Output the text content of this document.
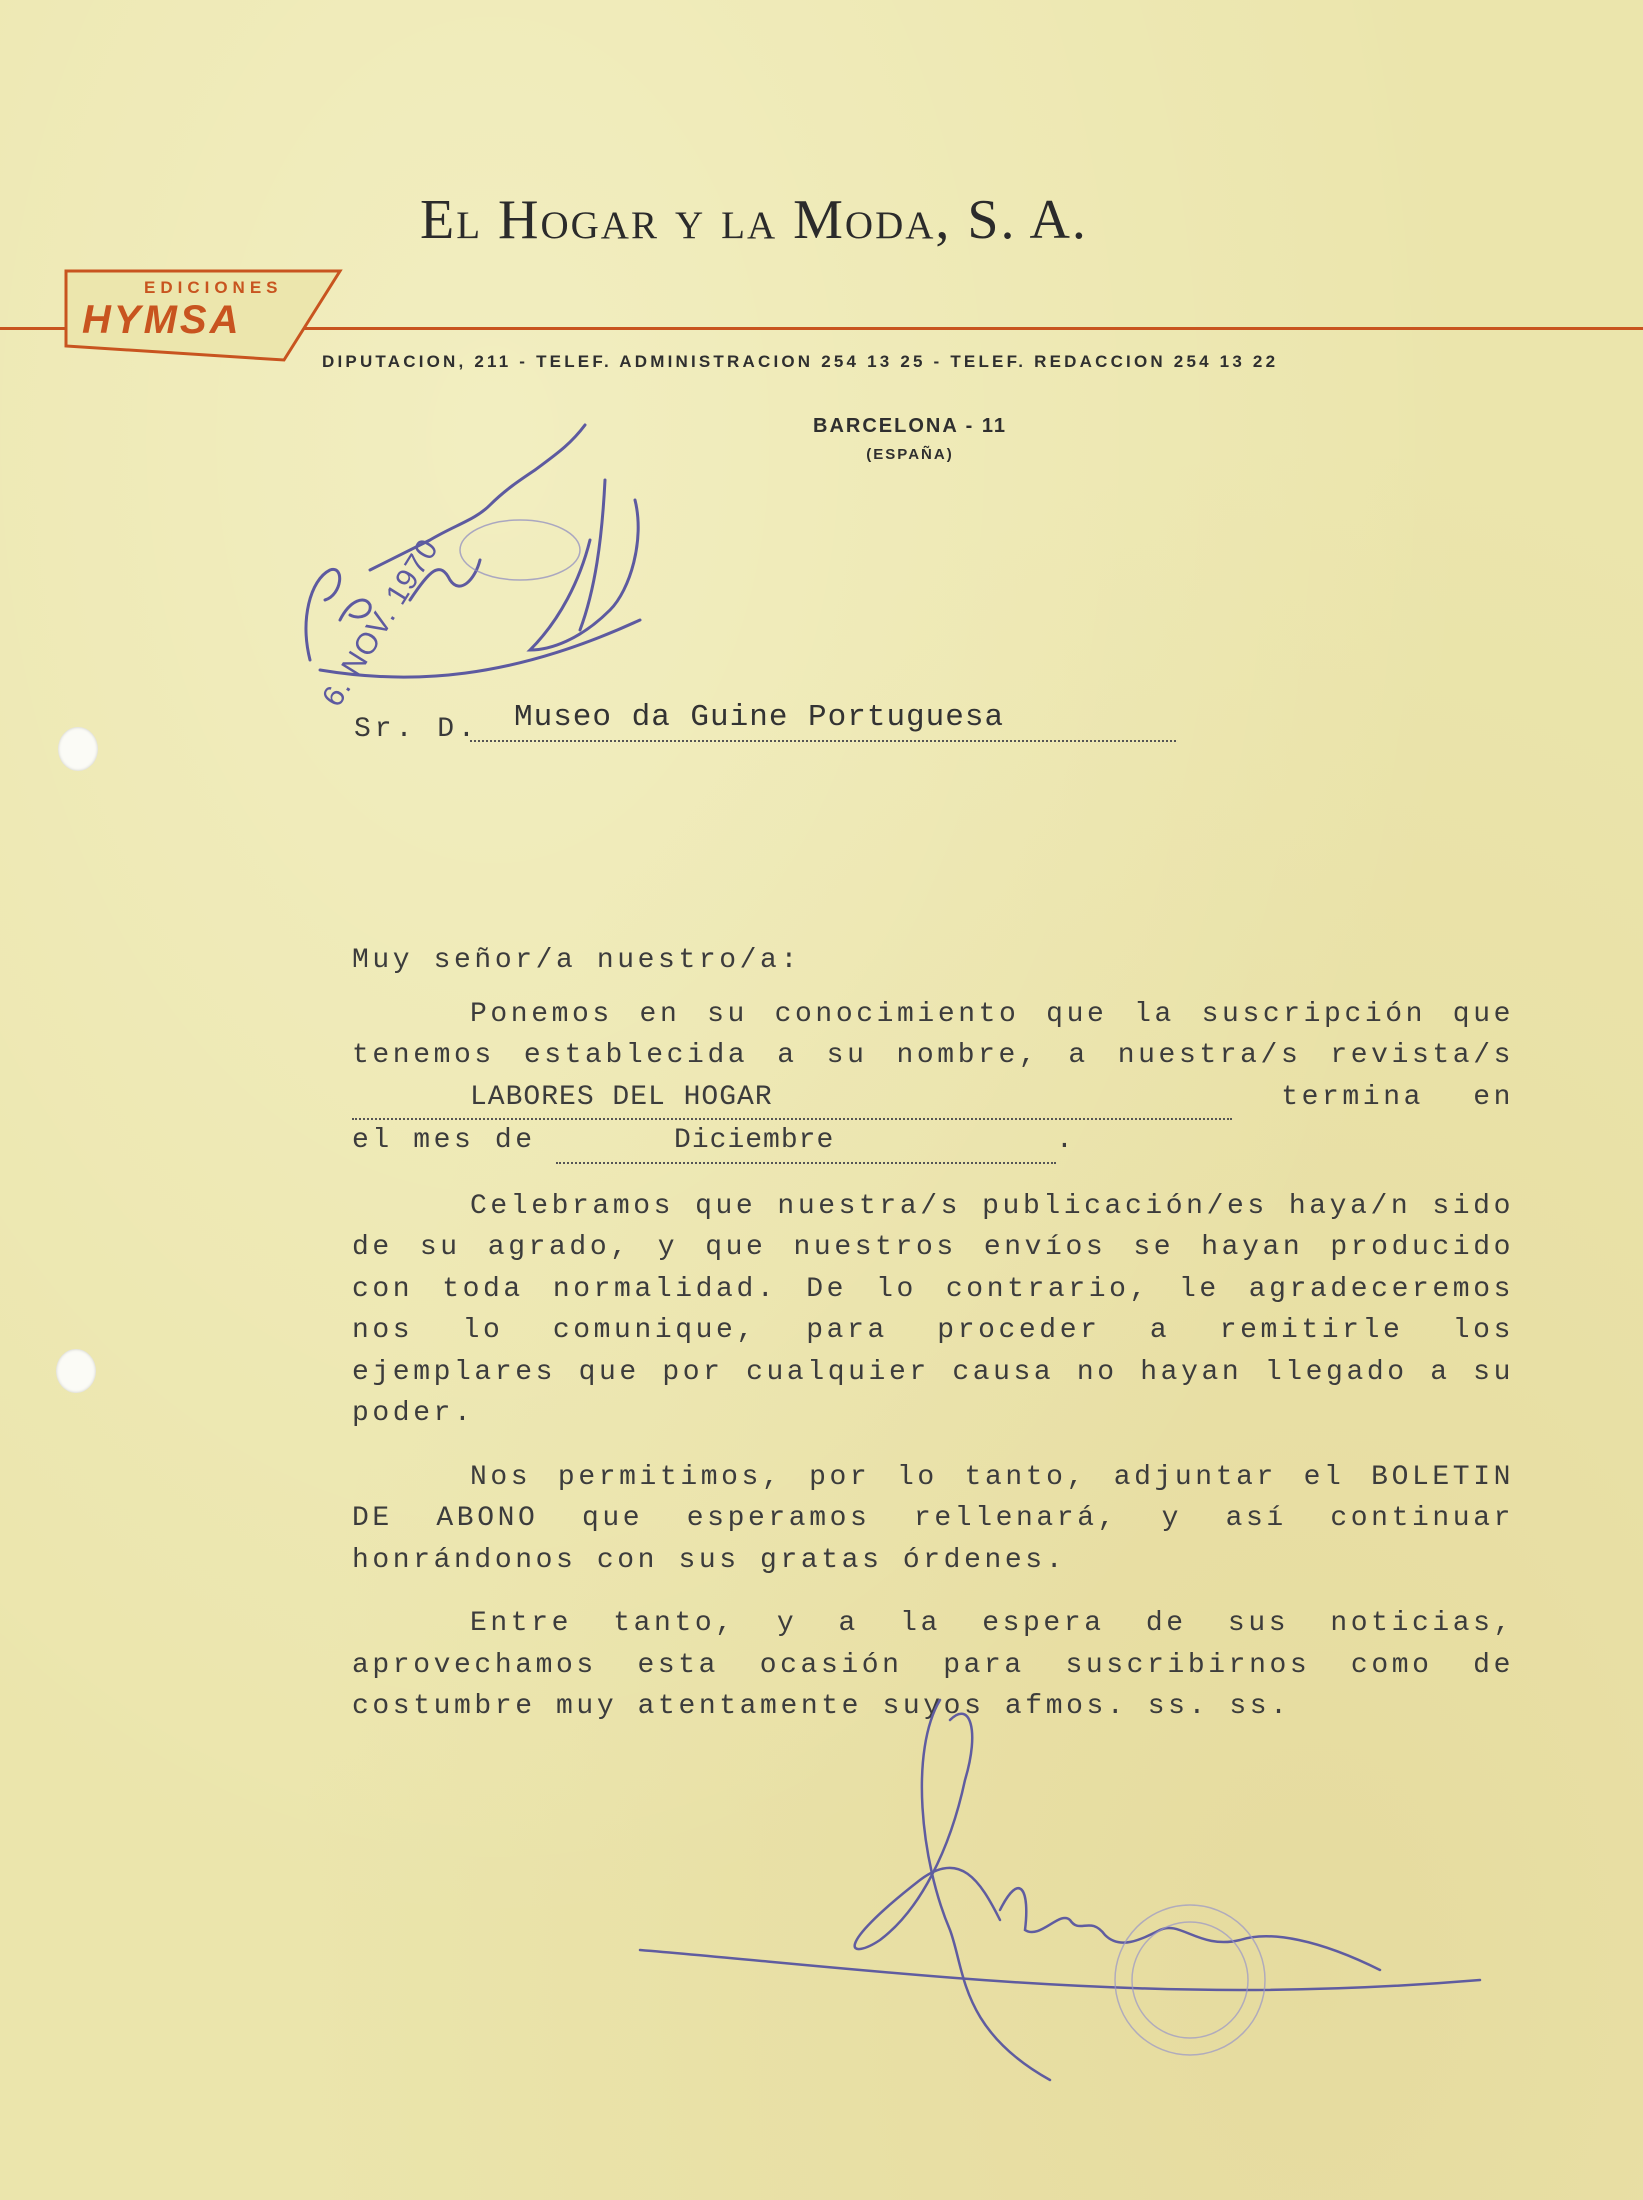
El Hogar y la Moda, S. A.
EDICIONES
HYMSA
DIPUTACION, 211 - TELEF. ADMINISTRACION 254 13 25 - TELEF. REDACCION 254 13 22
BARCELONA - 11
(ESPAÑA)
6. NOV. 1970
Sr. D. Museo da Guine Portuguesa

Muy señor/a nuestro/a:

Ponemos en su conocimiento que la suscripción que tenemos establecida a su nombre, a nuestra/s revista/s LABORES DEL HOGAR	termina en el mes de	Diciembre	.

Celebramos que nuestra/s publicación/es haya/n sido de su agrado, y que nuestros envíos se hayan producido con toda normalidad. De lo contrario, le agradeceremos nos lo comunique, para proceder a remitirle los ejemplares que por cualquier causa no hayan llegado a su poder.

Nos permitimos, por lo tanto, adjuntar el BOLETIN DE ABONO que esperamos rellenará, y así continuar honrándonos con sus gratas órdenes.

Entre tanto, y a la espera de sus noticias, aprovechamos esta ocasión para suscribirnos como de costumbre muy atentamente suyos afmos. ss. ss.
